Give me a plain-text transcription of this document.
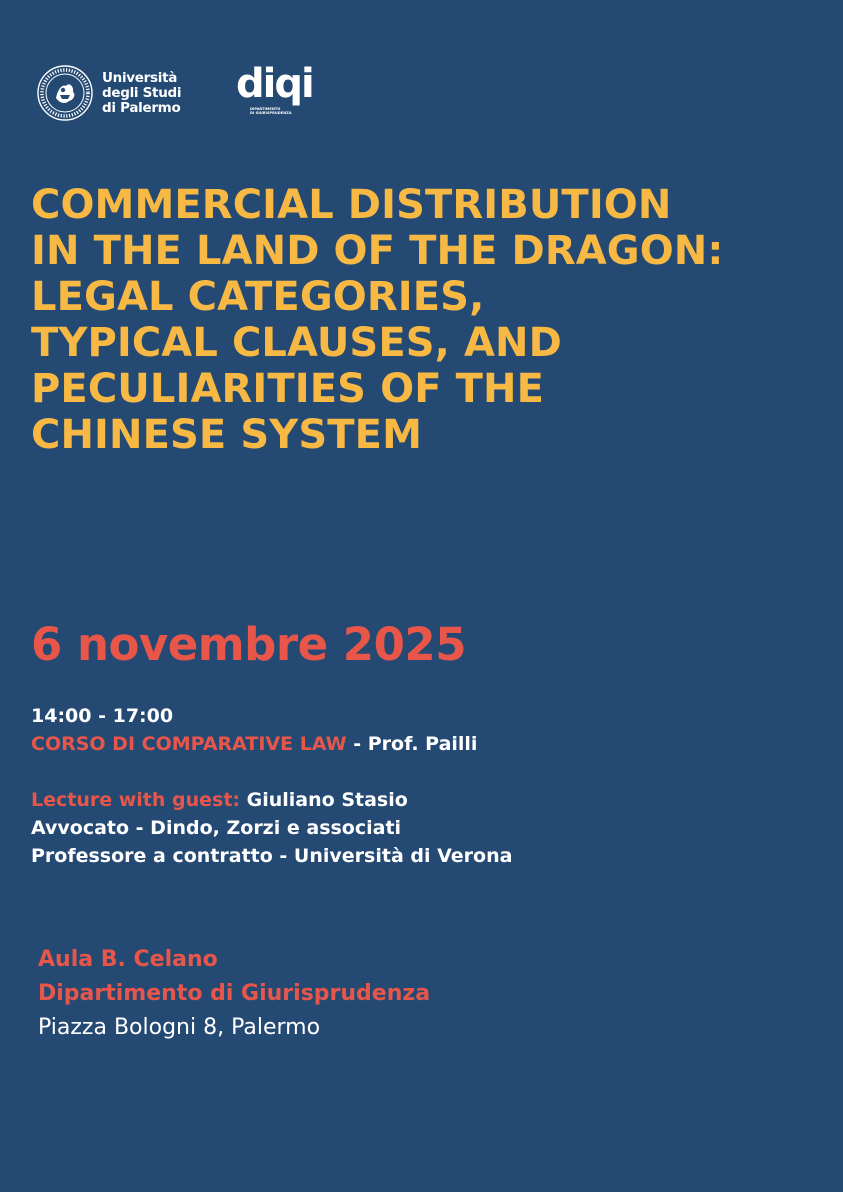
Università
degli Studi
di Palermo
diqi
DIPARTIMENTO
DI GIURISPRUDENZA
COMMERCIAL DISTRIBUTION
IN THE LAND OF THE DRAGON:
LEGAL CATEGORIES,
TYPICAL CLAUSES, AND
PECULIARITIES OF THE
CHINESE SYSTEM
6 novembre 2025
14:00 - 17:00
CORSO DI COMPARATIVE LAW - Prof. Pailli
Lecture with guest: Giuliano Stasio
Avvocato - Dindo, Zorzi e associati
Professore a contratto - Università di Verona
Aula B. Celano
Dipartimento di Giurisprudenza
Piazza Bologni 8, Palermo
